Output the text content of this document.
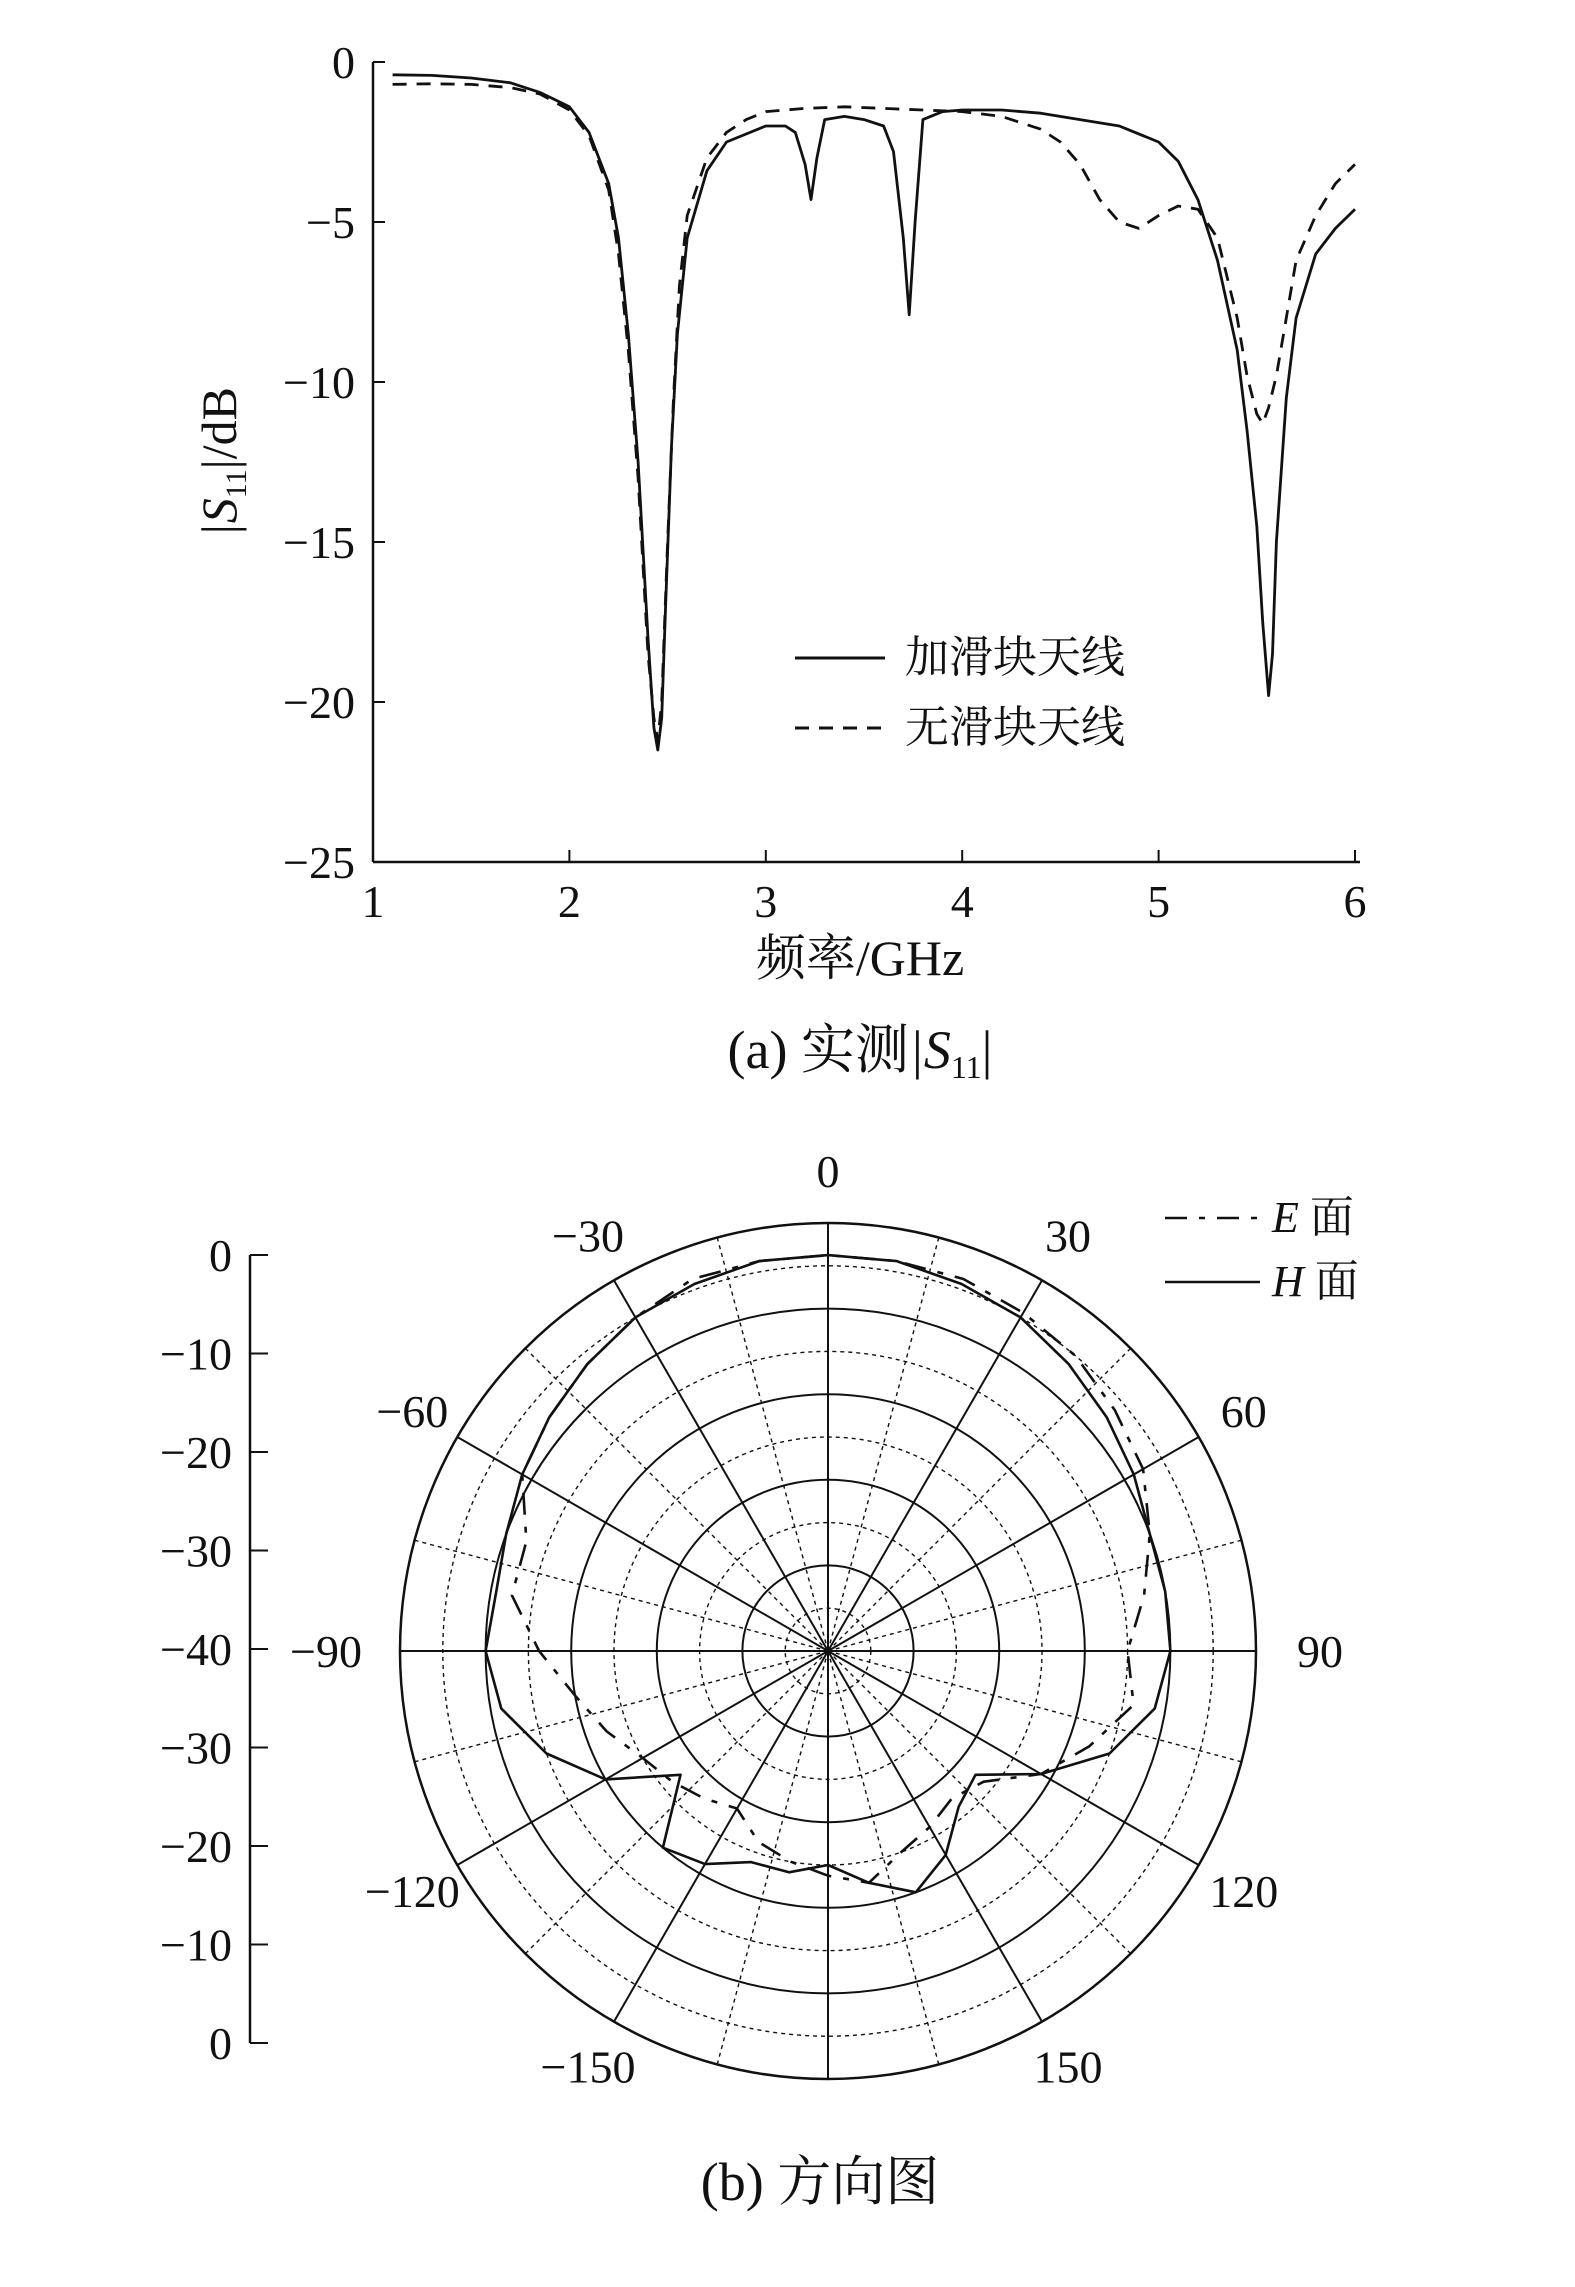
1	2	3	4	5	6
0
−5
−10
−15
−20
−25
$|S_{11}|/dB$
频率/GHz
加滑块天线
无滑块天线
(a) 实测|S11|
0
−10
−20
−30
−40
−30
−20
−10
0
0
30
60
90
120
150
−30
−60
−90
−120
−150
E 面
H 面
(b) 方向图
